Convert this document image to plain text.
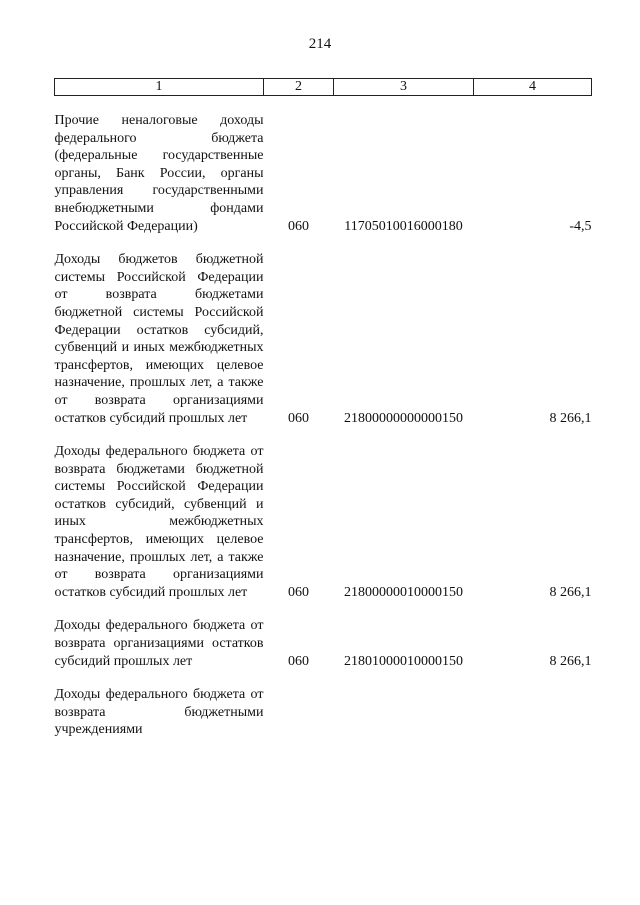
214
1	2	3	4

Прочие неналоговые доходы федерального бюджета (федеральные государственные органы, Банк России, органы управления государственными внебюджетными фондами Российской Федерации)	060	11705010016000180	-4,5

Доходы бюджетов бюджетной системы Российской Федерации от возврата бюджетами бюджетной системы Российской Федерации остатков субсидий, субвенций и иных межбюджетных трансфертов, имеющих целевое назначение, прошлых лет, а также от возврата организациями остатков субсидий прошлых лет	060	21800000000000150	8 266,1

Доходы федерального бюджета от возврата бюджетами бюджетной системы Российской Федерации остатков субсидий, субвенций и иных межбюджетных трансфертов, имеющих целевое назначение, прошлых лет, а также от возврата организациями остатков субсидий прошлых лет	060	21800000010000150	8 266,1

Доходы федерального бюджета от возврата организациями остатков субсидий прошлых лет	060	21801000010000150	8 266,1

Доходы федерального бюджета от возврата бюджетными учреждениями			
